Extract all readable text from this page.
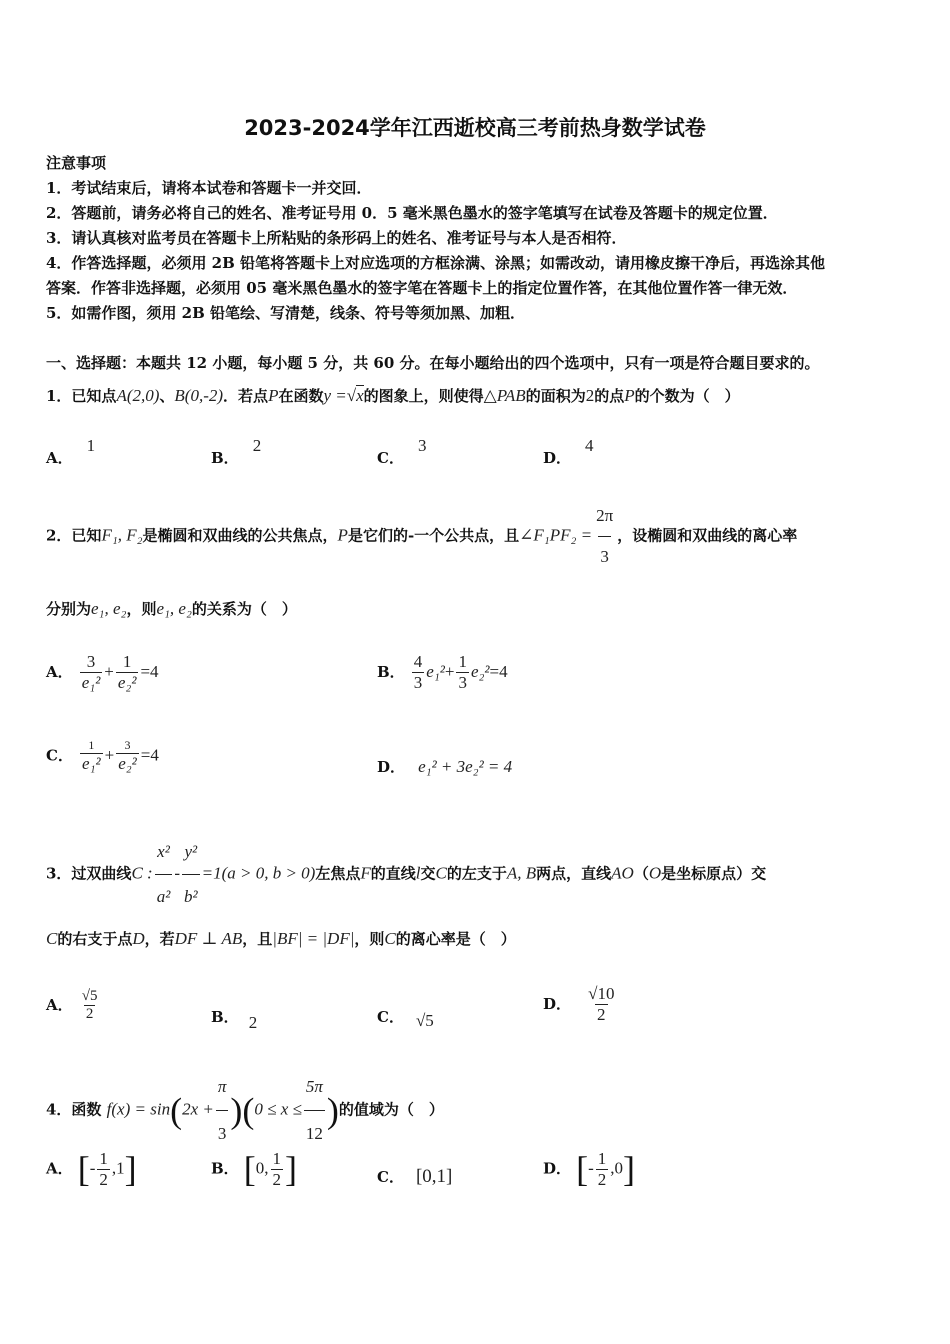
2023-2024学年江西逝校高三考前热身数学试卷
注意事项
1．考试结束后，请将本试卷和答题卡一并交回．
2．答题前，请务必将自己的姓名、准考证号用 0．5 毫米黑色墨水的签字笔填写在试卷及答题卡的规定位置．
3．请认真核对监考员在答题卡上所粘贴的条形码上的姓名、准考证号与本人是否相符．
4．作答选择题，必须用 2B 铅笔将答题卡上对应选项的方框涂满、涂黑；如需改动，请用橡皮擦干净后，再选涂其他
答案．作答非选择题，必须用 05 毫米黑色墨水的签字笔在答题卡上的指定位置作答，在其他位置作答一律无效．
5．如需作图，须用 2B 铅笔绘、写清楚，线条、符号等须加黑、加粗．
一、选择题：本题共 12 小题，每小题 5 分，共 60 分。在每小题给出的四个选项中，只有一项是符合题目要求的。
1．已知点A(2,0)、B(0,-2)．若点P在函数y =√x的图象上，则使得△PAB的面积为2的点P的个数为（　）
A．1
B．2
C．3
D．4
2．已知F₁, F₂是椭圆和双曲线的公共焦点，P是它们的-一个公共点，且∠F₁PF₂ = $\frac{2\pi}{3}$ ，设椭圆和双曲线的离心率
分别为e₁, e₂，则e₁, e₂的关系为（　）
A． $\frac{3}{\text{e₁²}} + \frac{1}{\text{e₂²}} =4$	B． $\frac{4}{3} e_1^2+ \frac{1}{3} e_2^2=4$
C． $\frac{1}{\text{e₁²}} + \frac{3}{\text{e₂²}} =4$
D． e₁² + 3e₂² = 4
3．过双曲线C : $\frac{\text{x²}}{\text{a²}} - \frac{\text{y²}}{\text{b²}} =1(a > 0$, b > 0)左焦点F的直线l交C的左支于A, B两点，直线AO（O是坐标原点）交
C的右支于点D，若DF ⊥ AB，且|BF| = |DF|，则C的离心率是（　）
A． $\frac{√5}{2}$	B． 2	C． √5
D． $\frac{√10}{2}$
4．函数 $f(x) = \sin(2x + \frac{\pi}{3} )(0 \le x \le \frac{5\pi}{12}$ )的值域为（　）
A． [- $\frac{1}{2} ,1$]	B． [0, $\frac{1}{2}$ ]	C． [0,1]	D． [- $\frac{1}{2} ,0$]
